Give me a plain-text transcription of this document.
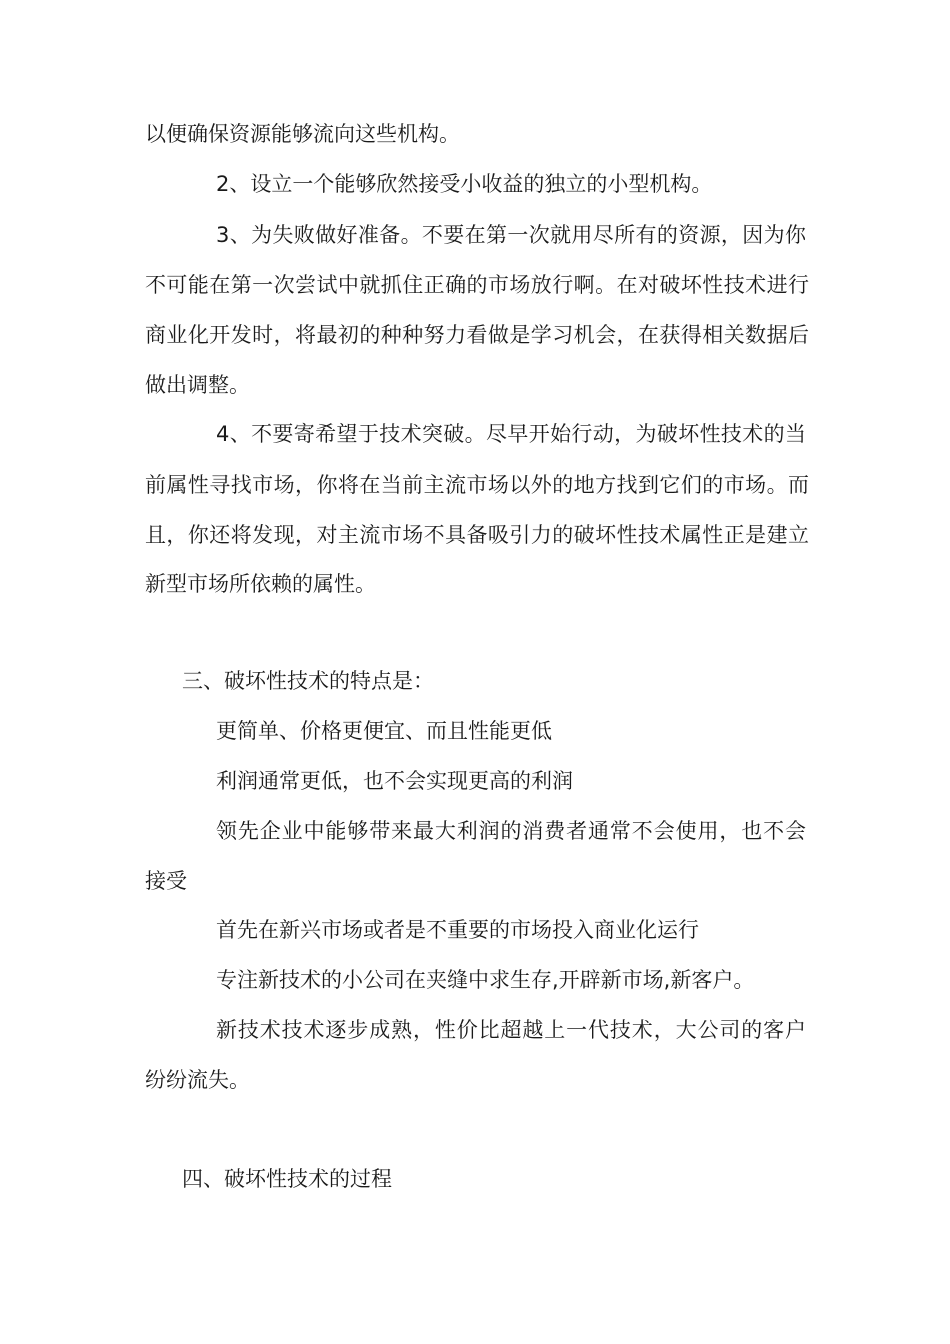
以便确保资源能够流向这些机构。

2、设立一个能够欣然接受小收益的独立的小型机构。

3、为失败做好准备。不要在第一次就用尽所有的资源，因为你

不可能在第一次尝试中就抓住正确的市场放行啊。在对破坏性技术进行

商业化开发时，将最初的种种努力看做是学习机会，在获得相关数据后

做出调整。

4、不要寄希望于技术突破。尽早开始行动，为破坏性技术的当

前属性寻找市场，你将在当前主流市场以外的地方找到它们的市场。而

且，你还将发现，对主流市场不具备吸引力的破坏性技术属性正是建立

新型市场所依赖的属性。

三、破坏性技术的特点是：

更简单、价格更便宜、而且性能更低

利润通常更低，也不会实现更高的利润

领先企业中能够带来最大利润的消费者通常不会使用，也不会

接受

首先在新兴市场或者是不重要的市场投入商业化运行

专注新技术的小公司在夹缝中求生存,开辟新市场,新客户。

新技术技术逐步成熟，性价比超越上一代技术，大公司的客户

纷纷流失。

四、破坏性技术的过程
